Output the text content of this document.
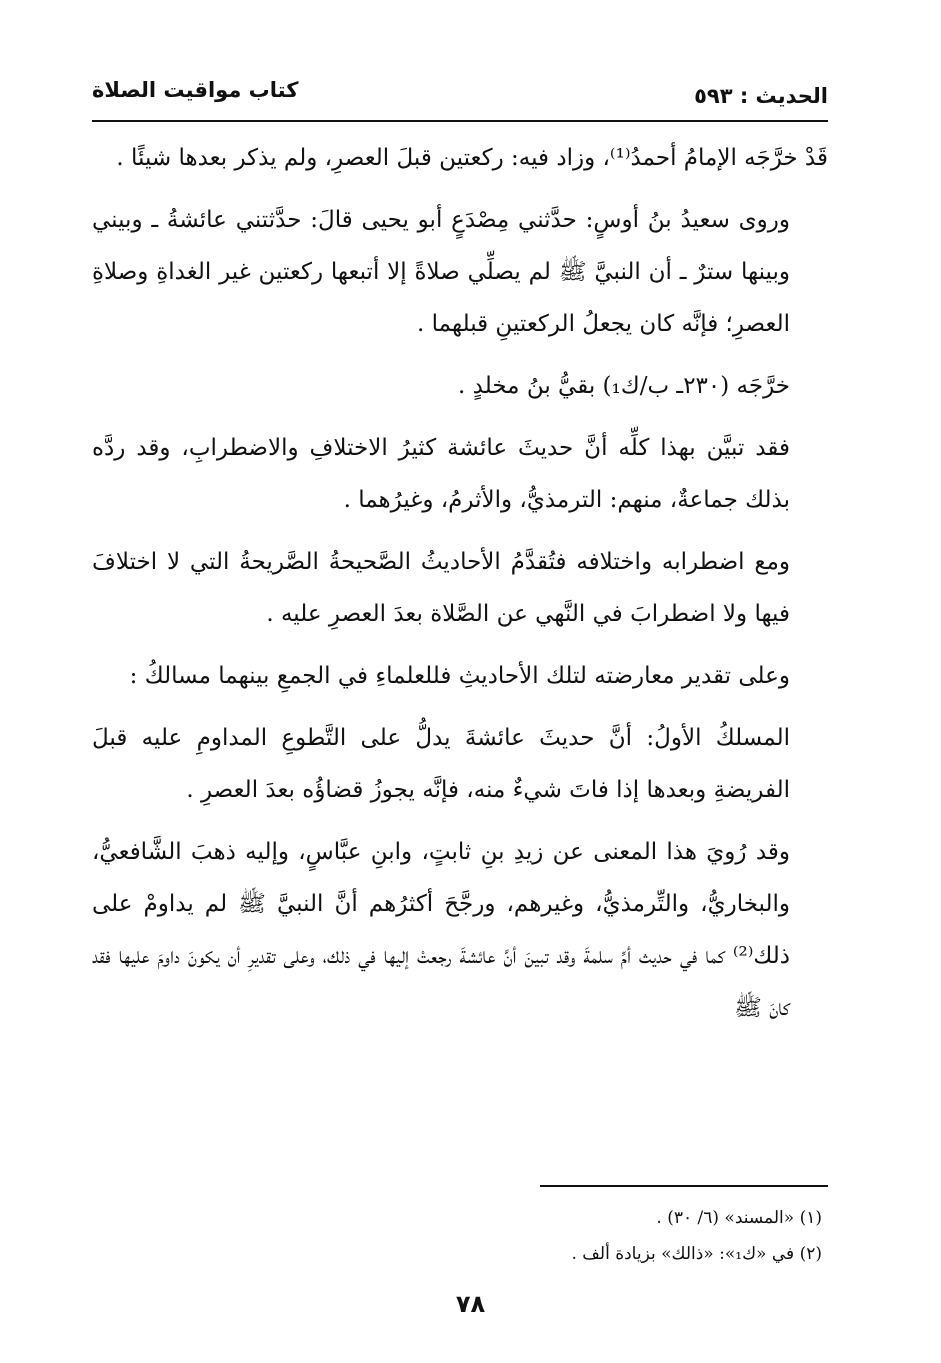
الحديث : ٥٩٣
كتاب مواقيت الصلاة

قَدْ خرَّجَه الإمامُ أحمدُ⁽¹⁾، وزاد فيه: ركعتين قبلَ العصرِ، ولم يذكر بعدها شيئًا .

وروى سعيدُ بنُ أوسٍ: حدَّثني مِصْدَعٍ أبو يحيى قالَ: حدَّثتني عائشةُ ـ وبيني وبينها سترٌ ـ أن النبيَّ ﷺ لم يصلِّي صلاةً إلا أتبعها ركعتين غير الغداةِ وصلاةِ العصرِ؛ فإنَّه كان يجعلُ الركعتينِ قبلهما .

خرَّجَه (٢٣٠ـ ب/ك₁) بقيُّ بنُ مخلدٍ .

فقد تبيَّن بهذا كلِّه أنَّ حديثَ عائشة كثيرُ الاختلافِ والاضطرابِ، وقد ردَّه بذلك جماعةٌ، منهم: الترمذيُّ، والأثرمُ، وغيرُهما .

ومع اضطرابه واختلافه فتُقدَّمُ الأحاديثُ الصَّحيحةُ الصَّريحةُ التي لا اختلافَ فيها ولا اضطرابَ في النَّهي عن الصَّلاة بعدَ العصرِ عليه .

وعلى تقدير معارضته لتلك الأحاديثِ فللعلماءِ في الجمعِ بينهما مسالكُ :

المسلكُ الأولُ: أنَّ حديثَ عائشةَ يدلُّ على التَّطوعِ المداومِ عليه قبلَ الفريضةِ وبعدها إذا فاتَ شيءٌ منه، فإنَّه يجوزُ قضاؤُه بعدَ العصرِ .

وقد رُويَ هذا المعنى عن زيدِ بنِ ثابتٍ، وابنِ عبَّاسٍ، وإليه ذهبَ الشَّافعيُّ، والبخاريُّ، والتِّرمذيُّ، وغيرهم، ورجَّحَ أكثرُهم أنَّ النبيَّ ﷺ لم يداومْ على ذلك⁽²⁾ كما في حديث أمِّ سلمةَ وقد تبينَ أنَّ عائشةَ رجعتْ إليها في ذلك، وعلى تقديرِ أن يكونَ داومَ عليها فقد كانَ ﷺ

(١) «المسند» (٦/ ٣٠) .
(٢) في «ك₁»: «ذالك» بزيادة ألف .
٧٨
